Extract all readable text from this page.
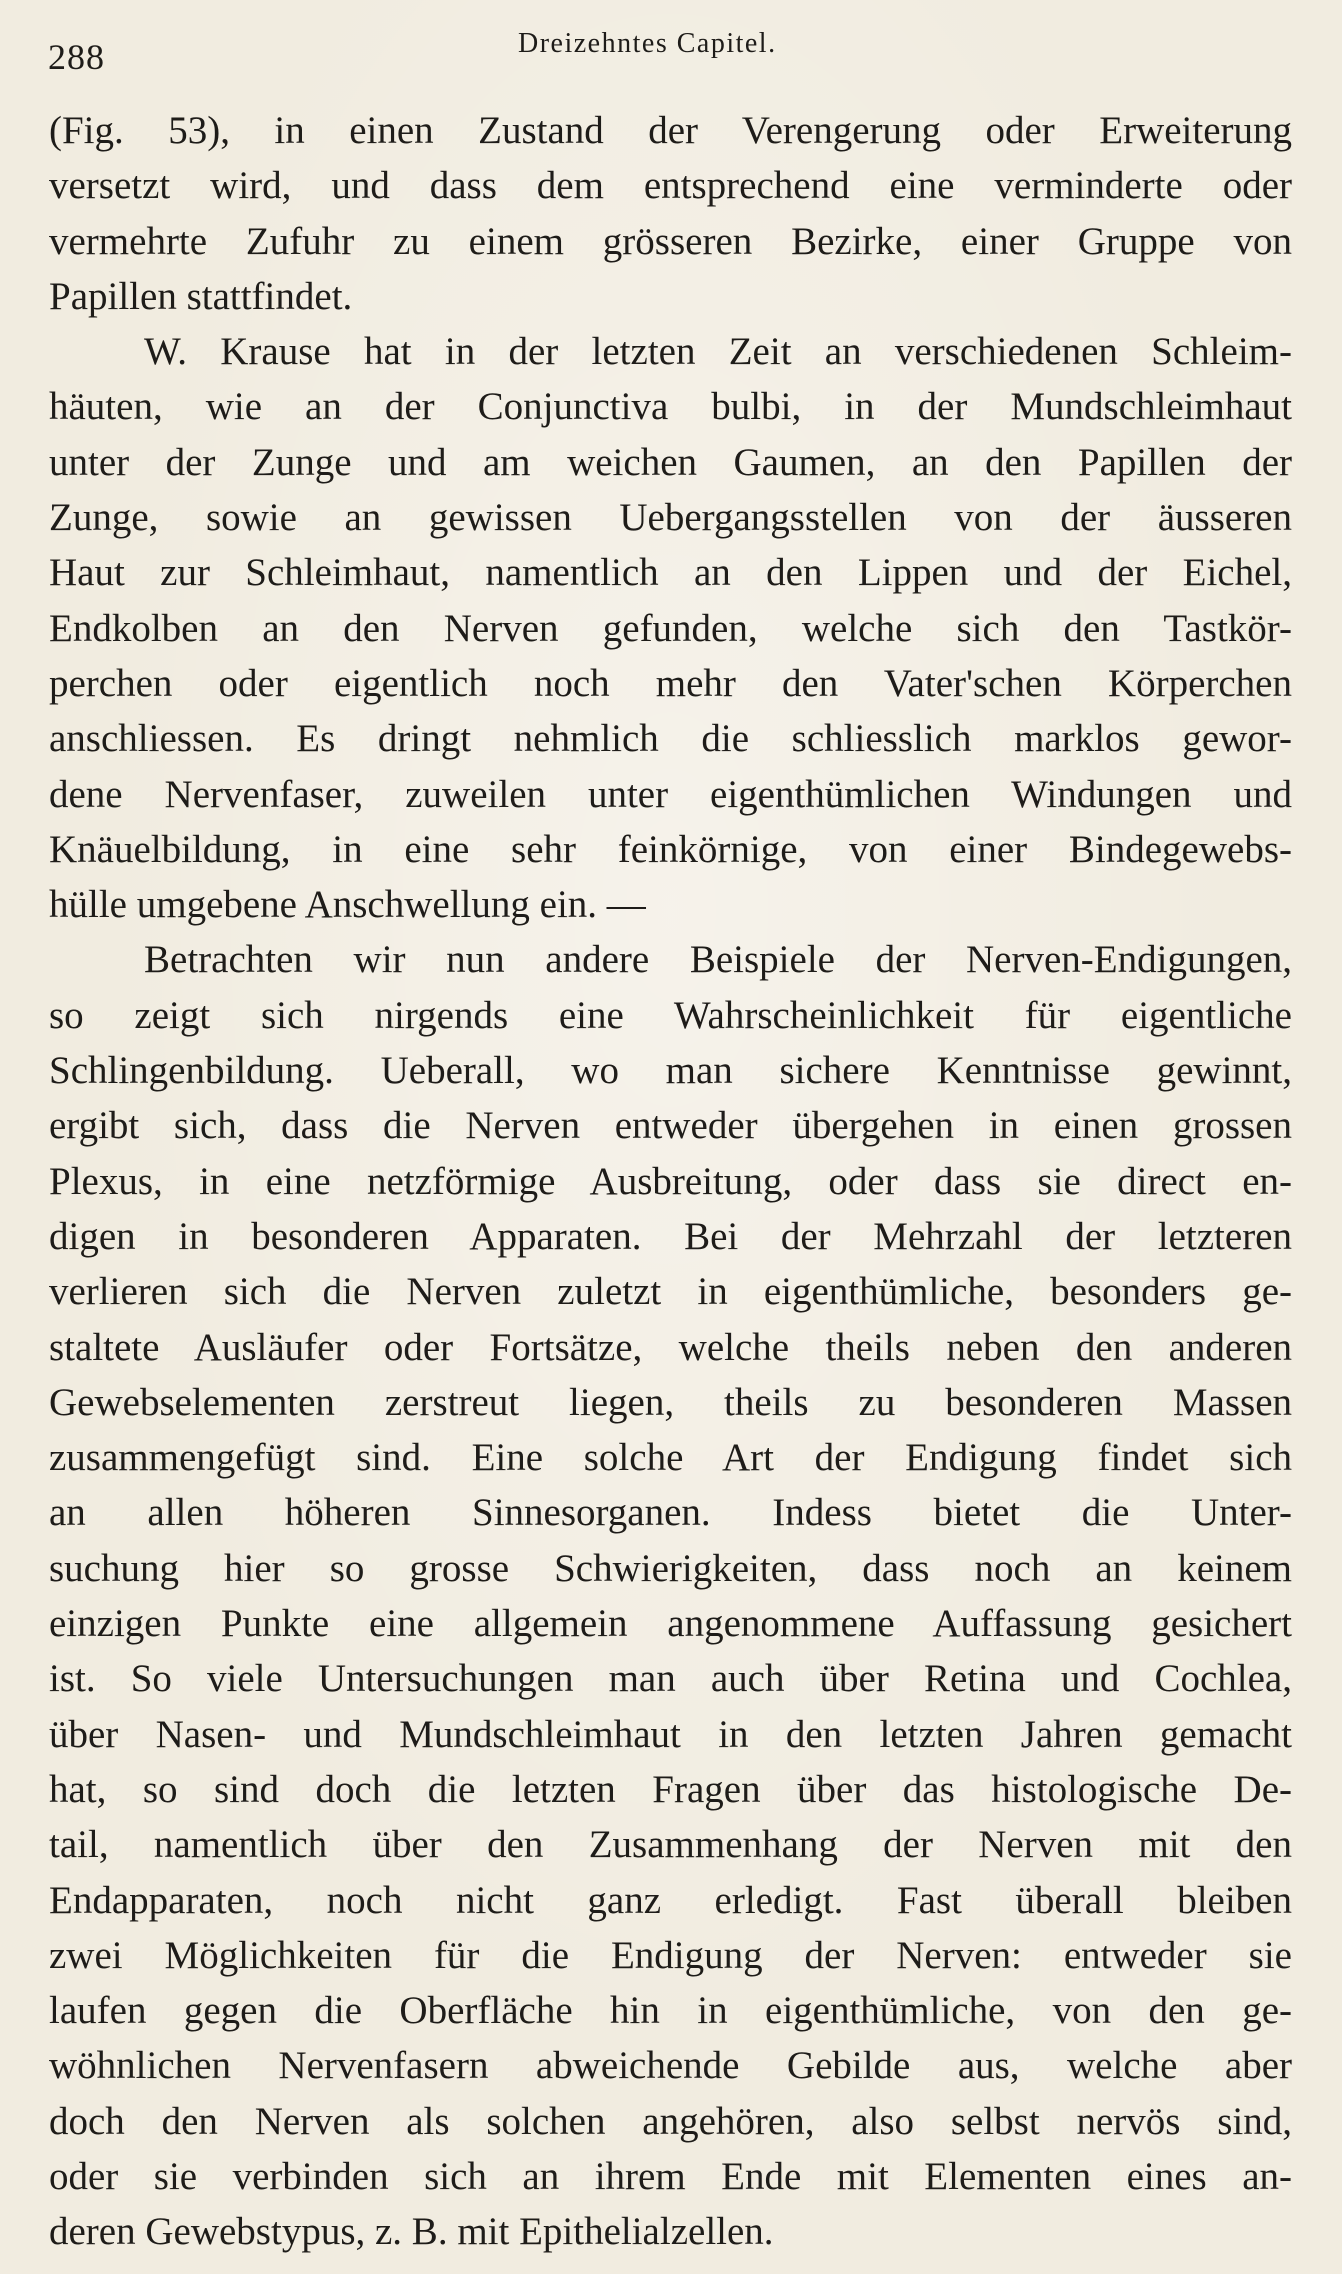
288	Dreizehntes Capitel.
(Fig. 53), in einen Zustand der Verengerung oder Erweiterung
versetzt wird, und dass dem entsprechend eine verminderte oder
vermehrte Zufuhr zu einem grösseren Bezirke, einer Gruppe von
Papillen stattfindet.
W. Krause hat in der letzten Zeit an verschiedenen Schleim-
häuten, wie an der Conjunctiva bulbi, in der Mundschleimhaut
unter der Zunge und am weichen Gaumen, an den Papillen der
Zunge, sowie an gewissen Uebergangsstellen von der äusseren
Haut zur Schleimhaut, namentlich an den Lippen und der Eichel,
Endkolben an den Nerven gefunden, welche sich den Tastkör-
perchen oder eigentlich noch mehr den Vater'schen Körperchen
anschliessen. Es dringt nehmlich die schliesslich marklos gewor-
dene Nervenfaser, zuweilen unter eigenthümlichen Windungen und
Knäuelbildung, in eine sehr feinkörnige, von einer Bindegewebs-
hülle umgebene Anschwellung ein. —
Betrachten wir nun andere Beispiele der Nerven-Endigungen,
so zeigt sich nirgends eine Wahrscheinlichkeit für eigentliche
Schlingenbildung. Ueberall, wo man sichere Kenntnisse gewinnt,
ergibt sich, dass die Nerven entweder übergehen in einen grossen
Plexus, in eine netzförmige Ausbreitung, oder dass sie direct en-
digen in besonderen Apparaten. Bei der Mehrzahl der letzteren
verlieren sich die Nerven zuletzt in eigenthümliche, besonders ge-
staltete Ausläufer oder Fortsätze, welche theils neben den anderen
Gewebselementen zerstreut liegen, theils zu besonderen Massen
zusammengefügt sind. Eine solche Art der Endigung findet sich
an allen höheren Sinnesorganen. Indess bietet die Unter-
suchung hier so grosse Schwierigkeiten, dass noch an keinem
einzigen Punkte eine allgemein angenommene Auffassung gesichert
ist. So viele Untersuchungen man auch über Retina und Cochlea,
über Nasen- und Mundschleimhaut in den letzten Jahren gemacht
hat, so sind doch die letzten Fragen über das histologische De-
tail, namentlich über den Zusammenhang der Nerven mit den
Endapparaten, noch nicht ganz erledigt. Fast überall bleiben
zwei Möglichkeiten für die Endigung der Nerven: entweder sie
laufen gegen die Oberfläche hin in eigenthümliche, von den ge-
wöhnlichen Nervenfasern abweichende Gebilde aus, welche aber
doch den Nerven als solchen angehören, also selbst nervös sind,
oder sie verbinden sich an ihrem Ende mit Elementen eines an-
deren Gewebstypus, z. B. mit Epithelialzellen.
